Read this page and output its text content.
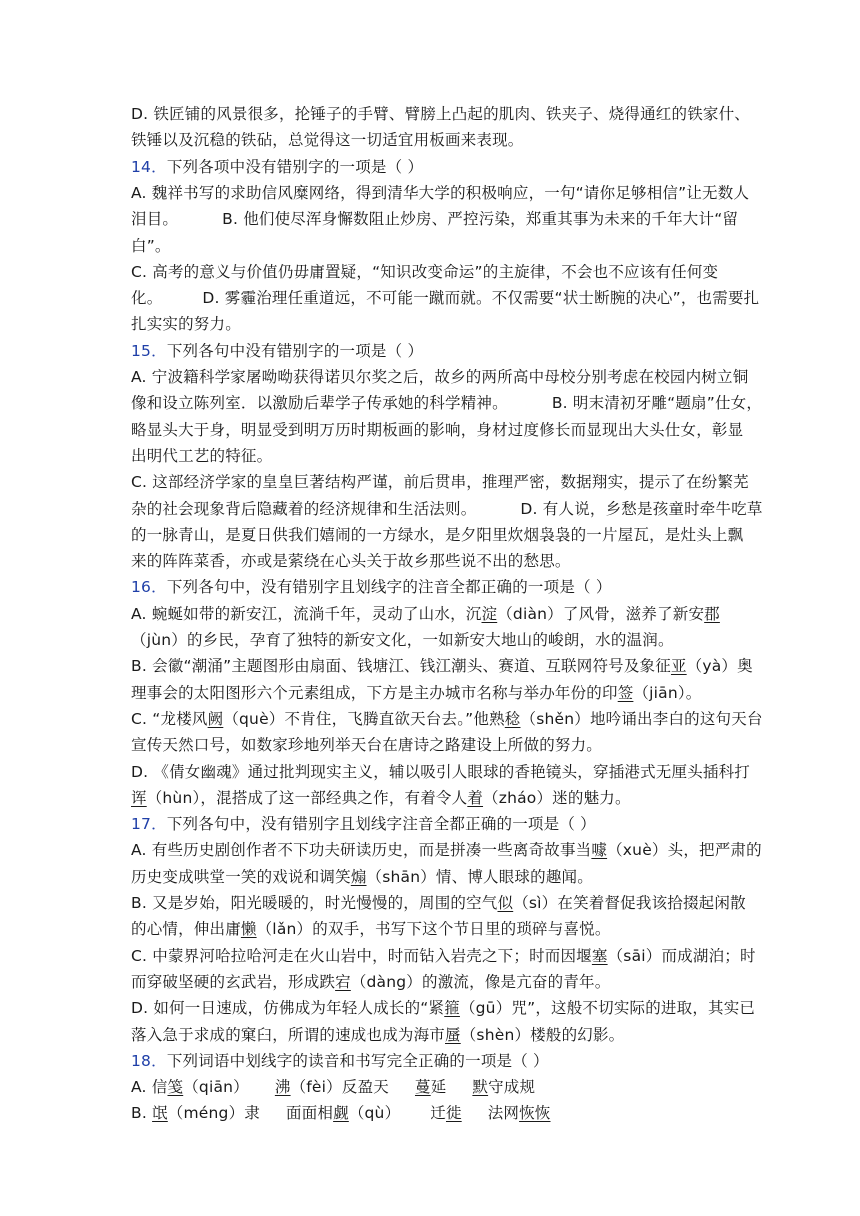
D. 铁匠铺的风景很多，抡锤子的手臂、臂膀上凸起的肌肉、铁夹子、烧得通红的铁家什、
铁锤以及沉稳的铁砧，总觉得这一切适宜用板画来表现。
14．下列各项中没有错别字的一项是（ ）
A. 魏祥书写的求助信风糜网络，得到清华大学的积极响应，一句“请你足够相信”让无数人
泪目。	B. 他们使尽浑身懈数阻止炒房、严控污染，郑重其事为未来的千年大计“留
白”。
C. 高考的意义与价值仍毋庸置疑，“知识改变命运”的主旋律，不会也不应该有任何变
化。	D. 雾霾治理任重道远，不可能一蹴而就。不仅需要“状士断腕的决心”，也需要扎
扎实实的努力。
15．下列各句中没有错别字的一项是（ ）
A. 宁波籍科学家屠呦呦获得诺贝尔奖之后，故乡的两所高中母校分别考虑在校园内树立铜
像和设立陈列室．以激励后辈学子传承她的科学精神。	B. 明末清初牙雕“题扇”仕女，
略显头大于身，明显受到明万历时期板画的影响，身材过度修长而显现出大头仕女，彰显
出明代工艺的特征。
C. 这部经济学家的皇皇巨著结构严谨，前后贯串，推理严密，数据翔实，提示了在纷繁芜
杂的社会现象背后隐藏着的经济规律和生活法则。	D. 有人说，乡愁是孩童时牵牛吃草
的一脉青山，是夏日供我们嬉闹的一方绿水，是夕阳里炊烟袅袅的一片屋瓦，是灶头上飘
来的阵阵菜香，亦或是萦绕在心头关于故乡那些说不出的愁思。
16．下列各句中，没有错别字且划线字的注音全都正确的一项是（ ）
A. 蜿蜒如带的新安江，流淌千年，灵动了山水，沉淀（diàn）了风骨，滋养了新安郡
（jùn）的乡民，孕育了独特的新安文化，一如新安大地山的峻朗，水的温润。
B. 会徽“潮涌”主题图形由扇面、钱塘江、钱江潮头、赛道、互联网符号及象征亚（yà）奥
理事会的太阳图形六个元素组成，下方是主办城市名称与举办年份的印签（jiān）。
C. “龙楼风阙（què）不肯住，飞腾直欲天台去。”他熟稔（shěn）地吟诵出李白的这句天台
宣传天然口号，如数家珍地列举天台在唐诗之路建设上所做的努力。
D. 《倩女幽魂》通过批判现实主义，辅以吸引人眼球的香艳镜头，穿插港式无厘头插科打
诨（hùn），混搭成了这一部经典之作，有着令人着（zháo）迷的魅力。
17．下列各句中，没有错别字且划线字注音全都正确的一项是（ ）
A. 有些历史剧创作者不下功夫研读历史，而是拼凑一些离奇故事当噱（xuè）头，把严肃的
历史变成哄堂一笑的戏说和调笑煽（shān）情、博人眼球的趣闻。
B. 又是岁始，阳光暖暖的，时光慢慢的，周围的空气似（sì）在笑着督促我该拾掇起闲散
的心情，伸出庸懒（lǎn）的双手，书写下这个节日里的琐碎与喜悦。
C. 中蒙界河哈拉哈河走在火山岩中，时而钻入岩壳之下；时而因堰塞（sāi）而成湖泊；时
而穿破坚硬的玄武岩，形成跌宕（dàng）的激流，像是亢奋的青年。
D. 如何一日速成，仿佛成为年轻人成长的“紧箍（gū）咒”，这般不切实际的进取，其实已
落入急于求成的窠臼，所谓的速成也成为海市蜃（shèn）楼般的幻影。
18．下列词语中划线字的读音和书写完全正确的一项是（ ）
A. 信笺（qiān） 沸（fèi）反盈天 蔓延 默守成规
B. 氓（méng）隶 面面相觑（qù） 迁徙 法网恢恢
